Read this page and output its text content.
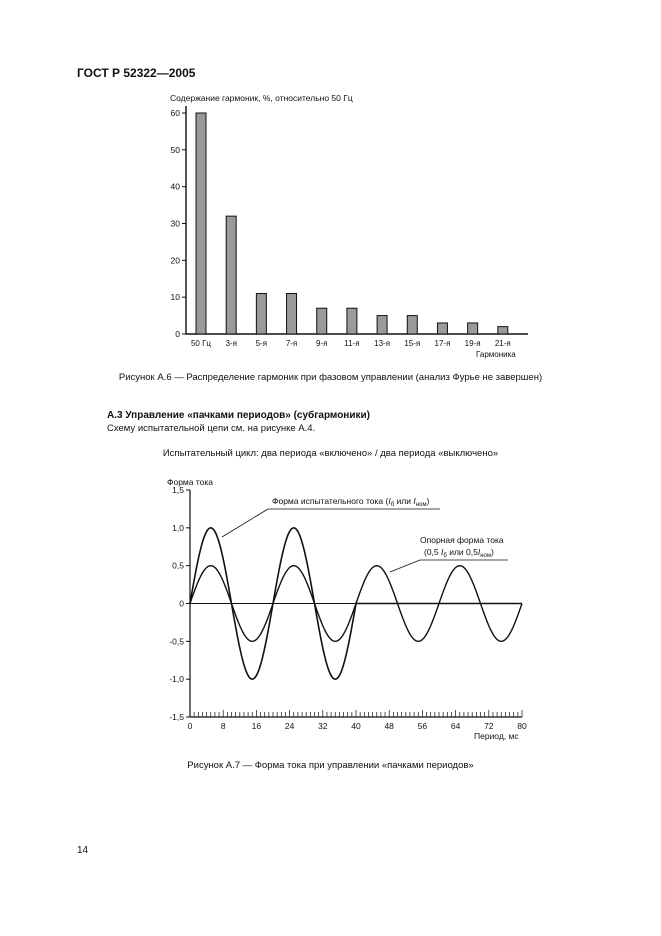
ГОСТ Р 52322—2005
Содержание гармоник, %, относительно 50 Гц
0
10
20
30
40
50
60
50 Гц 3-я 5-я 7-я 9-я 11-я 13-я 15-я 17-я 19-я 21-я
Гармоника
Рисунок А.6 — Распределение гармоник при фазовом управлении (анализ Фурье не завершен)
А.3 Управление «пачками периодов» (субгармоники)
Схему испытательной цепи см. на рисунке А.4.
Испытательный цикл: два периода «включено» / два периода «выключено»
Форма тока
1,5
1,0
0,5
0
-0,5
-1,0
-1,5
0	8	16	24	32	40	48	56	64	72	80
Период, мс
Форма испытательного тока ($I_б$ или $I_{ном}$)
Опорная форма тока
(0,5 $I_б$ или $0,5I_{ном}$)
Рисунок А.7 — Форма тока при управлении «пачками периодов»
14
